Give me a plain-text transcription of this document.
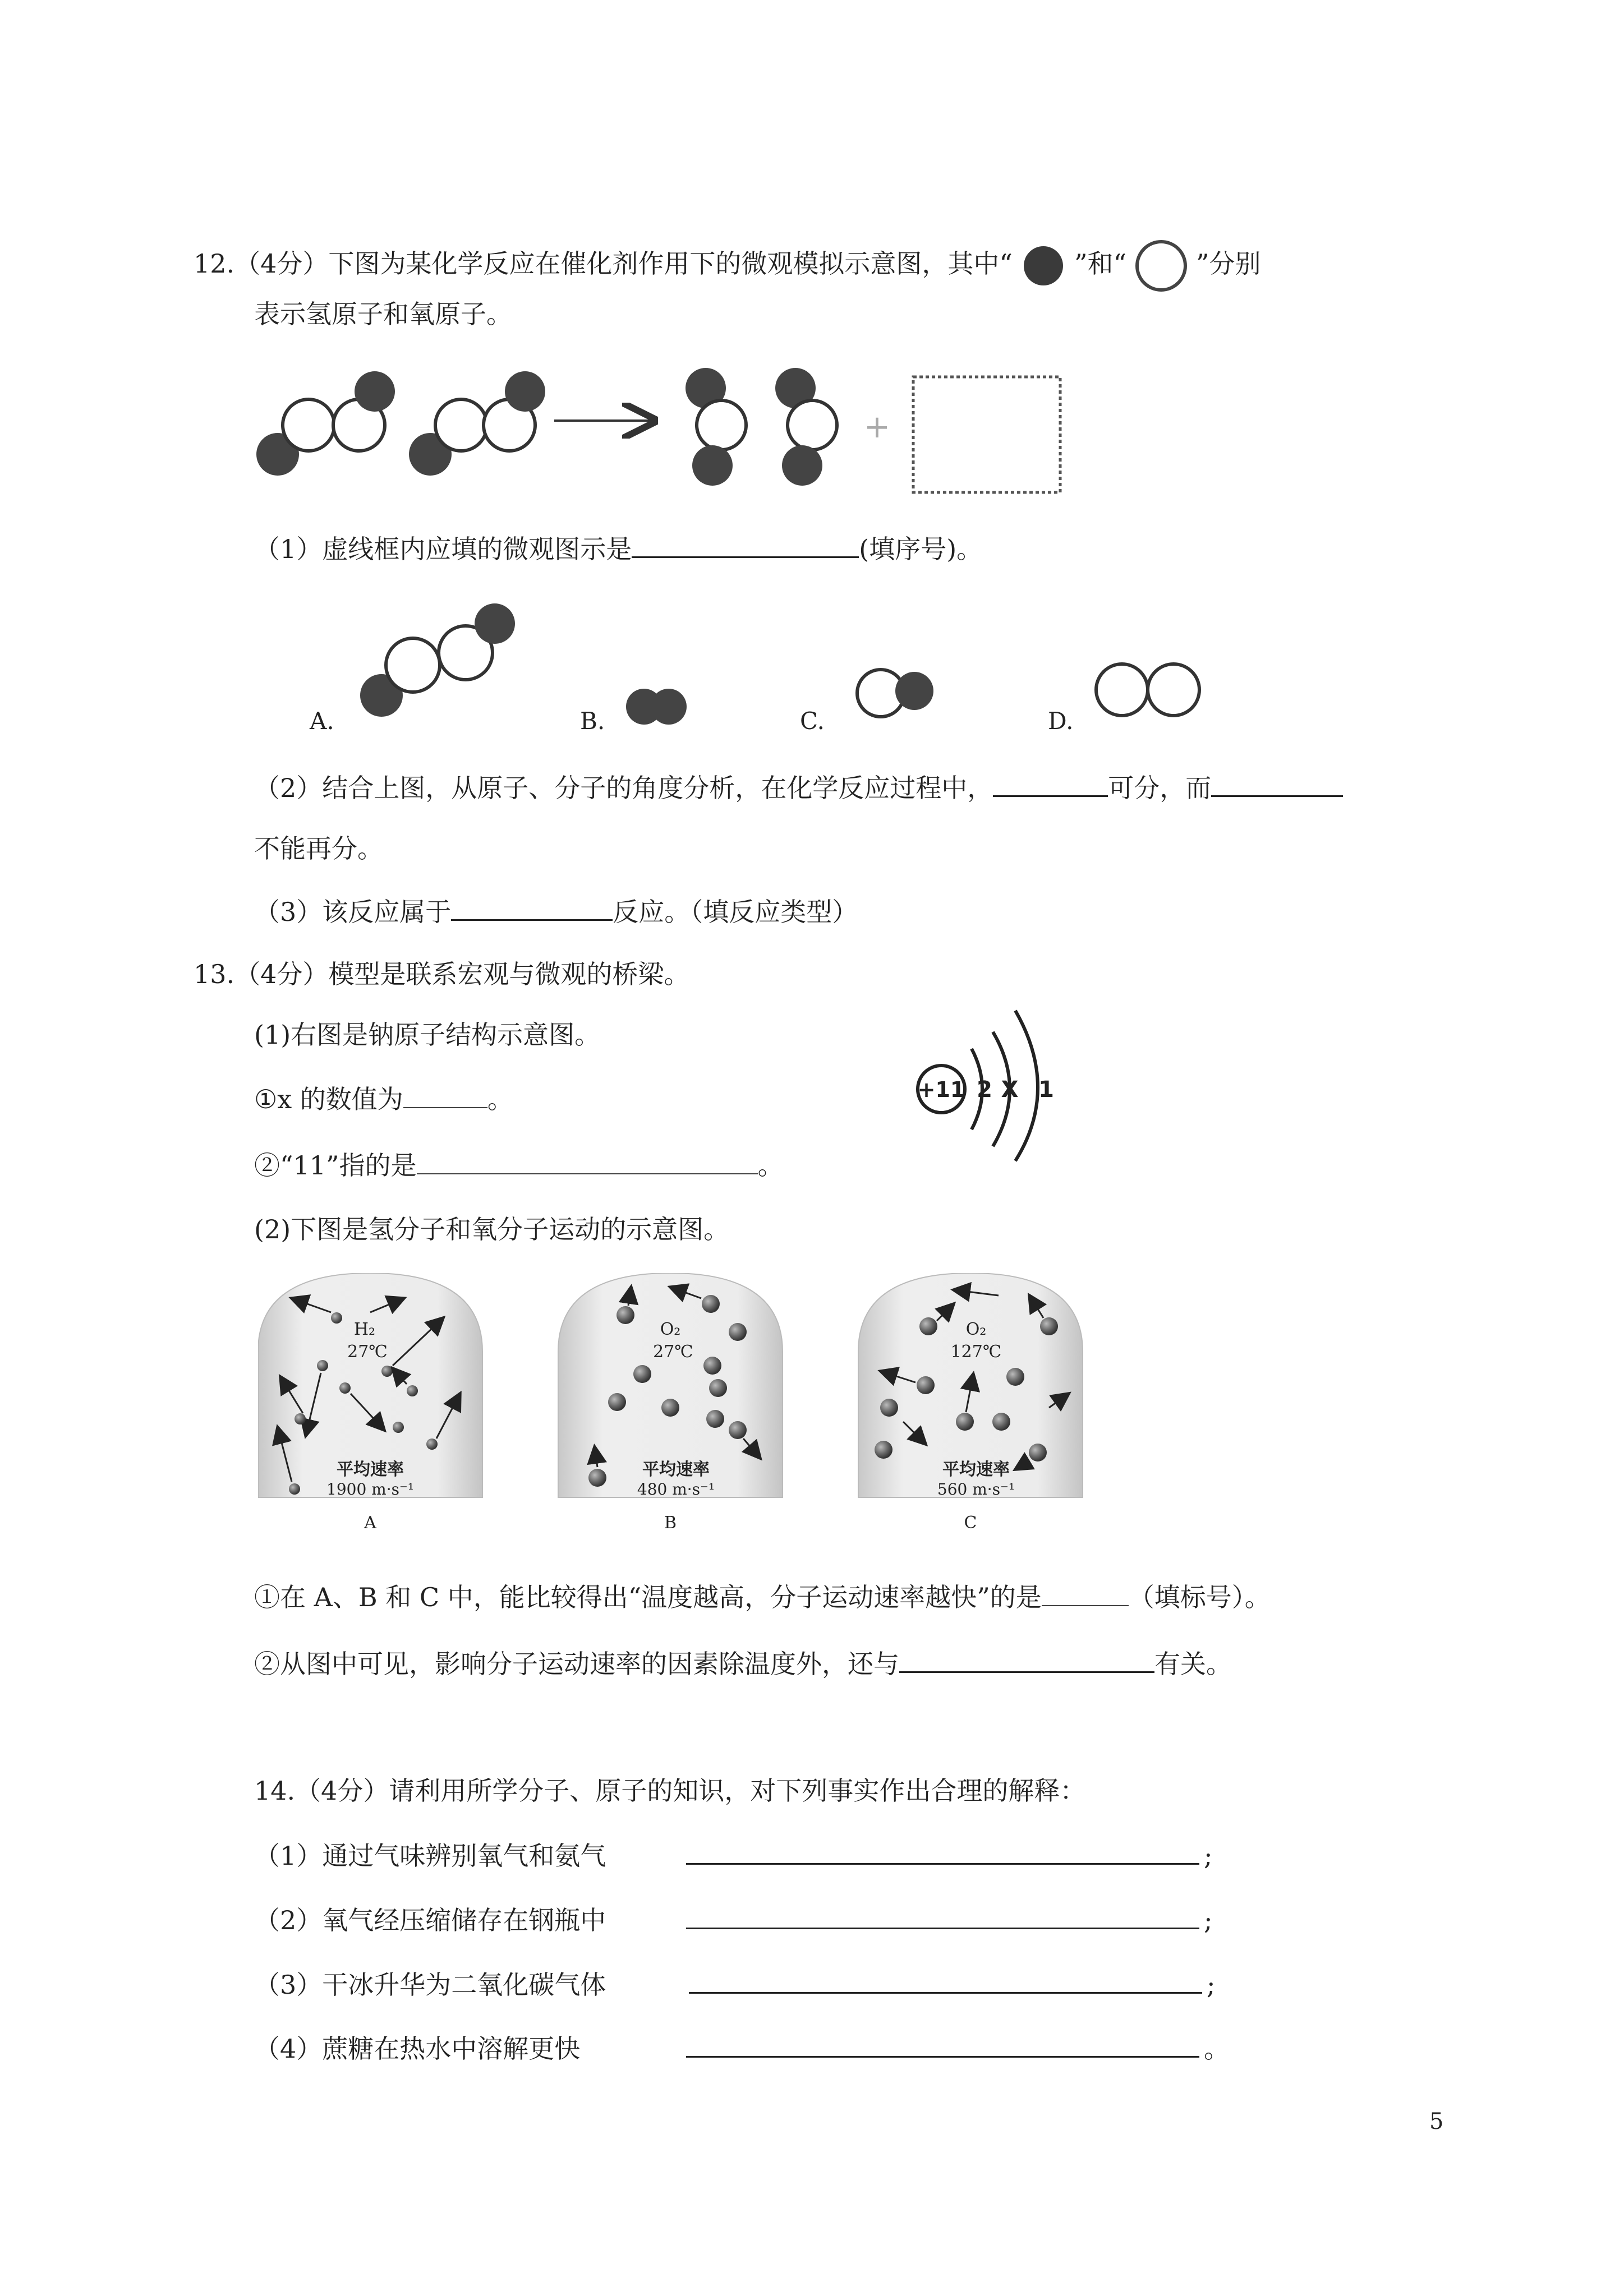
12.（4分）下图为某化学反应在催化剂作用下的微观模拟示意图，其中“ ”和“	”分别
表示氢原子和氧原子。
+
（1）虚线框内应填的微观图示是	(填序号)。
A.	B.	C.	D.
（2）结合上图，从原子、分子的角度分析，在化学反应过程中，	可分，而
不能再分。
（3）该反应属于	反应。（填反应类型）
13.（4分）模型是联系宏观与微观的桥梁。
(1)右图是钠原子结构示意图。
①x 的数值为	。
②“11”指的是	。
+11 2 X 1
(2)下图是氢分子和氧分子运动的示意图。
H₂
27℃
平均速率
1900 m·s⁻¹
A
O₂
27℃
平均速率
480 m·s⁻¹
B
O₂
127℃
平均速率
560 m·s⁻¹
C
①在 A、B 和 C 中，能比较得出“温度越高，分子运动速率越快”的是	（填标号）。
②从图中可见，影响分子运动速率的因素除温度外，还与	有关。
14.（4分）请利用所学分子、原子的知识，对下列事实作出合理的解释：
（1）通过气味辨别氧气和氨气	;
（2）氧气经压缩储存在钢瓶中	;
（3）干冰升华为二氧化碳气体	;
（4）蔗糖在热水中溶解更快	。
5
